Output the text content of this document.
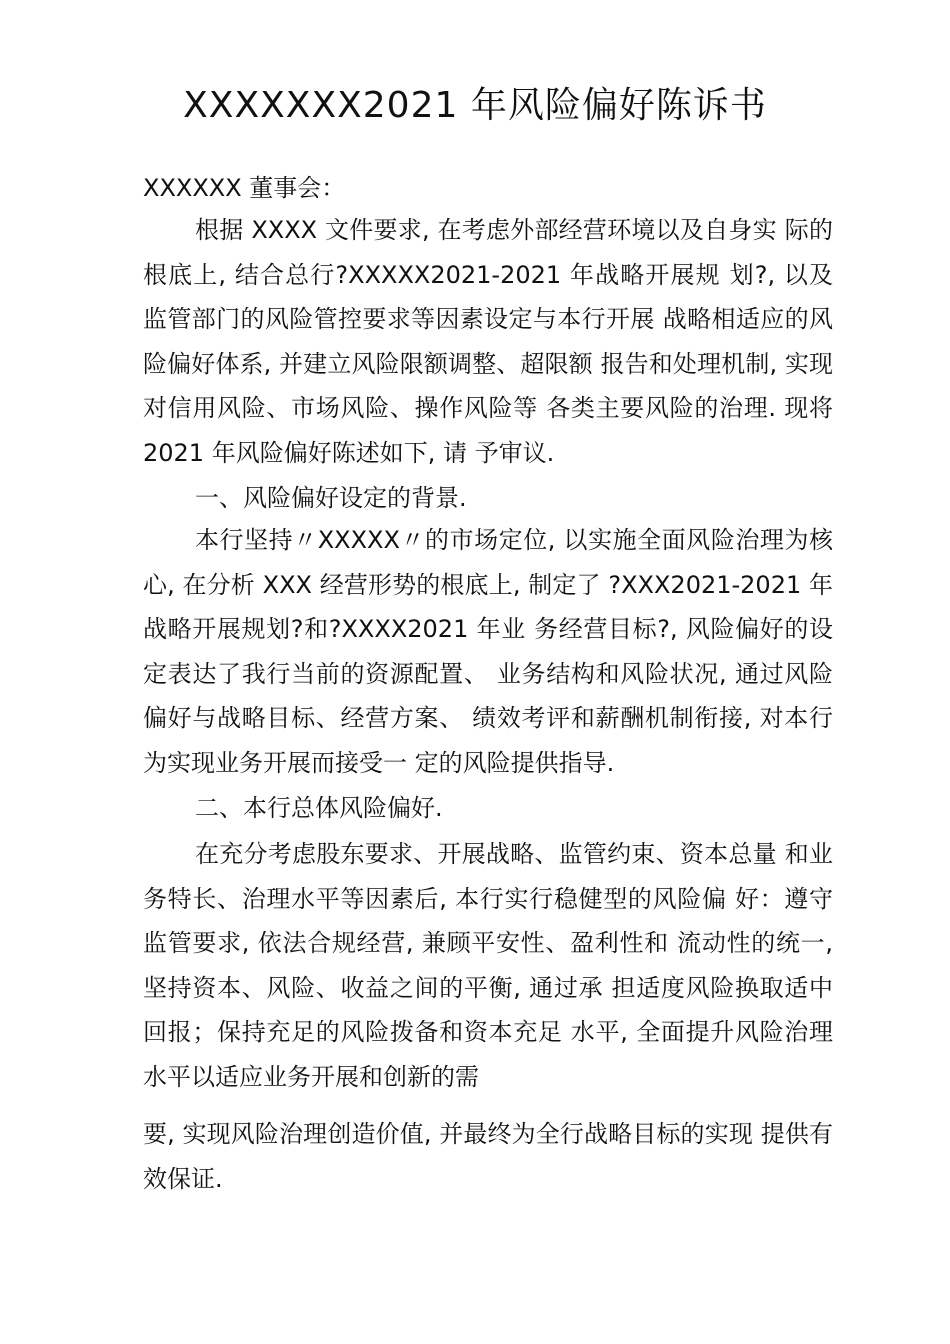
XXXXXXX2021 年风险偏好陈诉书
XXXXXX 董事会：

根据 XXXX 文件要求, 在考虑外部经营环境以及自身实 际的根底上, 结合总行?XXXXX2021-2021 年战略开展规 划?, 以及监管部门的风险管控要求等因素设定与本行开展 战略相适应的风险偏好体系, 并建立风险限额调整、超限额 报告和处理机制, 实现对信用风险、市场风险、操作风险等 各类主要风险的治理. 现将 2021 年风险偏好陈述如下, 请 予审议.

一、风险偏好设定的背景.

本行坚持〃XXXXX〃的市场定位, 以实施全面风险治理为核心, 在分析 XXX 经营形势的根底上, 制定了 ?XXX2021-2021 年战略开展规划?和?XXXX2021 年业 务经营目标?, 风险偏好的设定表达了我行当前的资源配置、 业务结构和风险状况, 通过风险偏好与战略目标、经营方案、 绩效考评和薪酬机制衔接, 对本行为实现业务开展而接受一 定的风险提供指导.

二、本行总体风险偏好.

在充分考虑股东要求、开展战略、监管约束、资本总量 和业务特长、治理水平等因素后, 本行实行稳健型的风险偏 好：遵守监管要求, 依法合规经营, 兼顾平安性、盈利性和 流动性的统一, 坚持资本、风险、收益之间的平衡, 通过承 担适度风险换取适中回报；保持充足的风险拨备和资本充足 水平, 全面提升风险治理水平以适应业务开展和创新的需

要, 实现风险治理创造价值, 并最终为全行战略目标的实现 提供有效保证.
